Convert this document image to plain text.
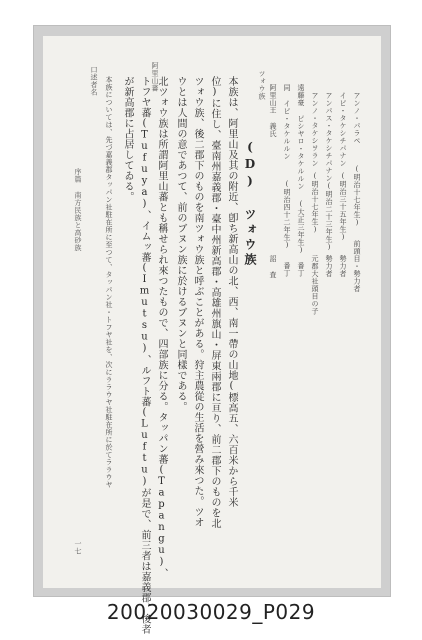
アンノ・パラペ
(明治十七年生)
前頭目・勢力者
イピ・タケシチパナン
(明治三十五年生)
勢力者
アンパス・タケシチパナン
(明治二十三年生)
勢力者
アンノ・タケシヲラン
(明治十七年生)
元郡大社頭目の子
遠藤豪 ピシヤロ・タケルルン
(大正三年生)
番丁
同 イピ・タケルルン
(明治四十二年生)
番丁
阿里山王 義氏
詔 査
(D) ツォウ族
本族は、阿里山及其の附近、卽ち新高山の北、西、南一帶の山地(標高五、六百米から千米
位)に住し、臺南州嘉義郡・臺中州新高郡・高雄州旗山・屏東兩郡に亘り、前二郡下のものを北
ツォウ族、後二郡下のものを南ツォウ族と呼ぶことがある。狩主農從の生活を營み來つた。ツオ
ウとは人間の意であつて、前のブヌン族に於けるブヌンと同樣である。
北ツォウ族は所謂阿里山蕃とも稱せられ來つたもので、四部族に分る。タッパン蕃(Tapangu)、
トフヤ蕃(Tufuya)、イムッ蕃(Imutsu)、ルフト蕃(Luftu)が是で、前三者は嘉義郡、後者
が新高郡に占居してゐる。
本族については、先づ嘉義郡タッパン社駐在所に至つて、タッパン社・トフヤ社を、次にララウヤ社駐在所に於てララウヤ
口述者名
序篇 南方民族と高砂族
ツォウ族
阿里山蕃
一七
20020030029_P029
